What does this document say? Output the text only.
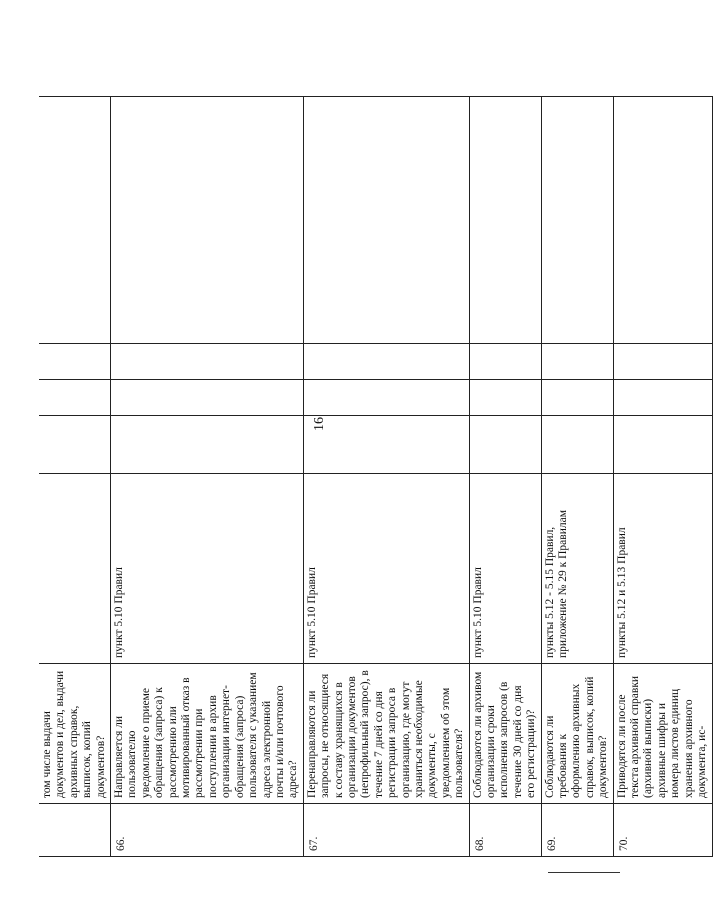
16
	том числе выдачи документов и дел, выдачи архивных справок, выписок, копий документов?					
66.	Направляется ли пользователю уведомление о приеме обращения (запроса) к рассмотрению или мотивированный отказ в рассмотрении при поступлении в архив организации интернет-обращения (запроса) пользователя с указанием адреса электронной почты и/или почтового адреса?	пункт 5.10 Правил				
67.	Перенаправляются ли запросы, не относящиеся к составу хранящихся в организации документов (непрофильный запрос), в течение 7 дней со дня регистрации запроса в организацию, где могут храниться необходимые документы, с уведомлением об этом пользователя?	пункт 5.10 Правил				
68.	Соблюдаются ли архивом организации сроки исполнения запросов (в течение 30 дней со дня его регистрации)?	пункт 5.10 Правил				
69.	Соблюдаются ли требования к оформлению архивных справок, выписок, копий документов?	пункты 5.12 - 5.15 Правил, приложение № 29 к Правилам				
70.	Приводятся ли после текста архивной справки (архивной выписки) архивные шифры и номера листов единиц хранения архивного документа, ис-	пункты 5.12 и 5.13 Правил				
